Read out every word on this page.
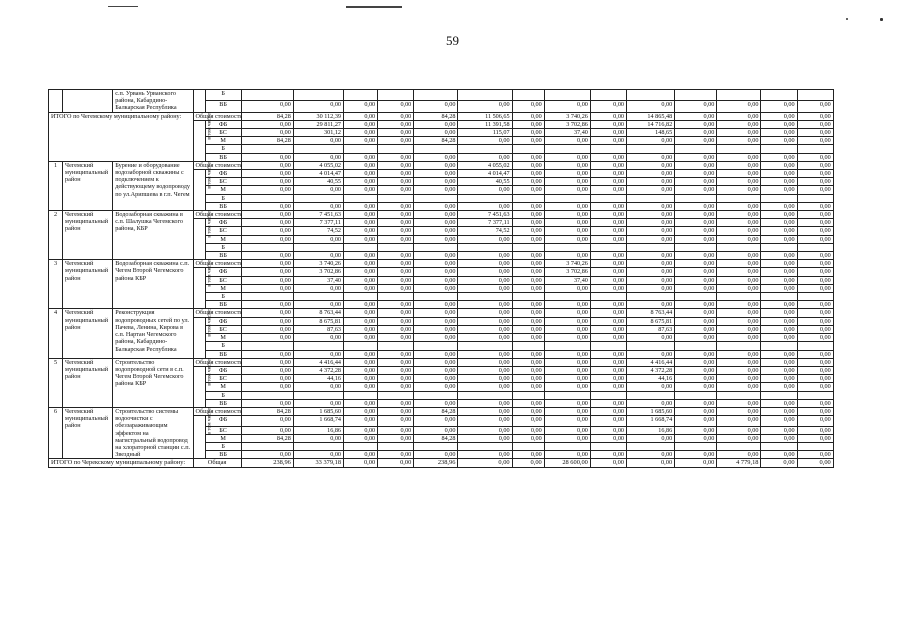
59
		с.п. Урвань Урванского района, Кабардино-Балкарская Республика		Б														
				ВБ	0,00	0,00	0,00	0,00	0,00	0,00	0,00	0,00	0,00	0,00	0,00	0,00	0,00	0,00
ИТОГО по Чегемскому муниципальному району:			Общая стоимость		84,28	30 112,39	0,00	0,00	84,28	11 506,65	0,00	3 740,26	0,00	14 865,48	0,00	0,00	0,00	0,00
			в том числе:	ФБ	0,00	29 811,27	0,00	0,00	0,00	11 391,58	0,00	3 702,86	0,00	14 716,82	0,00	0,00	0,00	0,00
				БС	0,00	301,12	0,00	0,00	0,00	115,07	0,00	37,40	0,00	148,65	0,00	0,00	0,00	0,00
				М	84,28	0,00	0,00	0,00	84,28	0,00	0,00	0,00	0,00	0,00	0,00	0,00	0,00	0,00
				Б														
				ВБ	0,00	0,00	0,00	0,00	0,00	0,00	0,00	0,00	0,00	0,00	0,00	0,00	0,00	0,00
1	Чегемский муниципальный район	Бурение и оборудование водозаборной скважины с подключением к действующему водопроводу по ул.Арипшева в г.п. Чегем	Общая стоимость		0,00	4 055,02	0,00	0,00	0,00	4 055,02	0,00	0,00	0,00	0,00	0,00	0,00	0,00	0,00
			в том числе:	ФБ	0,00	4 014,47	0,00	0,00	0,00	4 014,47	0,00	0,00	0,00	0,00	0,00	0,00	0,00	0,00
				БС	0,00	40,55	0,00	0,00	0,00	40,55	0,00	0,00	0,00	0,00	0,00	0,00	0,00	0,00
				М	0,00	0,00	0,00	0,00	0,00	0,00	0,00	0,00	0,00	0,00	0,00	0,00	0,00	0,00
				Б														
				ВБ	0,00	0,00	0,00	0,00	0,00	0,00	0,00	0,00	0,00	0,00	0,00	0,00	0,00	0,00
2	Чегемский муниципальный район	Водозаборная скважина в с.п. Шалушка Чегемского района, КБР	Общая стоимость		0,00	7 451,63	0,00	0,00	0,00	7 451,63	0,00	0,00	0,00	0,00	0,00	0,00	0,00	0,00
			в том числе:	ФБ	0,00	7 377,11	0,00	0,00	0,00	7 377,11	0,00	0,00	0,00	0,00	0,00	0,00	0,00	0,00
				БС	0,00	74,52	0,00	0,00	0,00	74,52	0,00	0,00	0,00	0,00	0,00	0,00	0,00	0,00
				М	0,00	0,00	0,00	0,00	0,00	0,00	0,00	0,00	0,00	0,00	0,00	0,00	0,00	0,00
				Б														
				ВБ	0,00	0,00	0,00	0,00	0,00	0,00	0,00	0,00	0,00	0,00	0,00	0,00	0,00	0,00
3	Чегемский муниципальный район	Водозаборная скважина с.п. Чегем Второй Чегемского района КБР	Общая стоимость		0,00	3 740,26	0,00	0,00	0,00	0,00	0,00	3 740,26	0,00	0,00	0,00	0,00	0,00	0,00
			в том числе:	ФБ	0,00	3 702,86	0,00	0,00	0,00	0,00	0,00	3 702,86	0,00	0,00	0,00	0,00	0,00	0,00
				БС	0,00	37,40	0,00	0,00	0,00	0,00	0,00	37,40	0,00	0,00	0,00	0,00	0,00	0,00
				М	0,00	0,00	0,00	0,00	0,00	0,00	0,00	0,00	0,00	0,00	0,00	0,00	0,00	0,00
				Б														
				ВБ	0,00	0,00	0,00	0,00	0,00	0,00	0,00	0,00	0,00	0,00	0,00	0,00	0,00	0,00
4	Чегемский муниципальный район	Реконструкция водопроводных сетей по ул. Пачева, Ленина, Кирова в с.п. Нартан Чегемского района, Кабардино-Балкарская Республика	Общая стоимость		0,00	8 763,44	0,00	0,00	0,00	0,00	0,00	0,00	0,00	8 763,44	0,00	0,00	0,00	0,00
			в том числе:	ФБ	0,00	8 675,81	0,00	0,00	0,00	0,00	0,00	0,00	0,00	8 675,81	0,00	0,00	0,00	0,00
				БС	0,00	87,63	0,00	0,00	0,00	0,00	0,00	0,00	0,00	87,63	0,00	0,00	0,00	0,00
				М	0,00	0,00	0,00	0,00	0,00	0,00	0,00	0,00	0,00	0,00	0,00	0,00	0,00	0,00
				Б														
				ВБ	0,00	0,00	0,00	0,00	0,00	0,00	0,00	0,00	0,00	0,00	0,00	0,00	0,00	0,00
5	Чегемский муниципальный район	Строительство водопроводной сети в с.п. Чегем Второй Чегемского района КБР	Общая стоимость		0,00	4 416,44	0,00	0,00	0,00	0,00	0,00	0,00	0,00	4 416,44	0,00	0,00	0,00	0,00
			в том числе:	ФБ	0,00	4 372,28	0,00	0,00	0,00	0,00	0,00	0,00	0,00	4 372,28	0,00	0,00	0,00	0,00
				БС	0,00	44,16	0,00	0,00	0,00	0,00	0,00	0,00	0,00	44,16	0,00	0,00	0,00	0,00
				М	0,00	0,00	0,00	0,00	0,00	0,00	0,00	0,00	0,00	0,00	0,00	0,00	0,00	0,00
				Б														
				ВБ	0,00	0,00	0,00	0,00	0,00	0,00	0,00	0,00	0,00	0,00	0,00	0,00	0,00	0,00
6	Чегемский муниципальный район	Строительство системы водоочистки с обеззараживающим эффектом на магистральный водопровод на хлораторной станции с.п. Звездный	Общая стоимость		84,28	1 685,60	0,00	0,00	84,28	0,00	0,00	0,00	0,00	1 685,60	0,00	0,00	0,00	0,00
			в том числе:	ФБ	0,00	1 668,74	0,00	0,00	0,00	0,00	0,00	0,00	0,00	1 668,74	0,00	0,00	0,00	0,00
				БС	0,00	16,86	0,00	0,00	0,00	0,00	0,00	0,00	0,00	16,86	0,00	0,00	0,00	0,00
				М	84,28	0,00	0,00	0,00	84,28	0,00	0,00	0,00	0,00	0,00	0,00	0,00	0,00	0,00
				Б														
				ВБ	0,00	0,00	0,00	0,00	0,00	0,00	0,00	0,00	0,00	0,00	0,00	0,00	0,00	0,00
ИТОГО по Черекскому муниципальному району:			Общая		238,96	33 379,18	0,00	0,00	238,96	0,00	0,00	28 600,00	0,00	0,00	0,00	4 779,18	0,00	0,00
